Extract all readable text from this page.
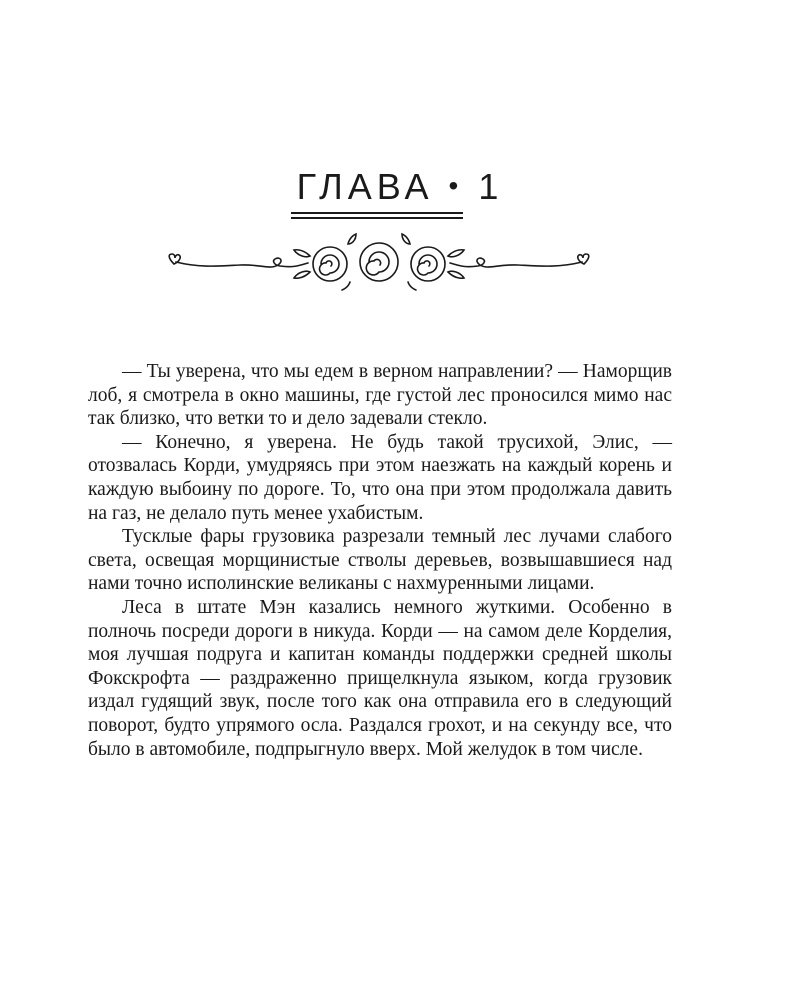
ГЛАВА • 1

— Ты уверена, что мы едем в верном направлении? — Наморщив лоб, я смотрела в окно машины, где густой лес проносился мимо нас так близко, что ветки то и дело задевали стекло.

— Конечно, я уверена. Не будь такой трусихой, Элис, — отозвалась Корди, умудряясь при этом наезжать на каждый корень и каждую выбоину по дороге. То, что она при этом продолжала давить на газ, не делало путь менее ухабистым.

Тусклые фары грузовика разрезали темный лес лучами слабого света, освещая морщинистые стволы деревьев, возвышавшиеся над нами точно исполинские великаны с нахмуренными лицами.

Леса в штате Мэн казались немного жуткими. Особенно в полночь посреди дороги в никуда. Корди — на самом деле Корделия, моя лучшая подруга и капитан команды поддержки средней школы Фокскрофта — раздраженно прищелкнула языком, когда грузовик издал гудящий звук, после того как она отправила его в следующий поворот, будто упрямого осла. Раздался грохот, и на секунду все, что было в автомобиле, подпрыгнуло вверх. Мой желудок в том числе.
